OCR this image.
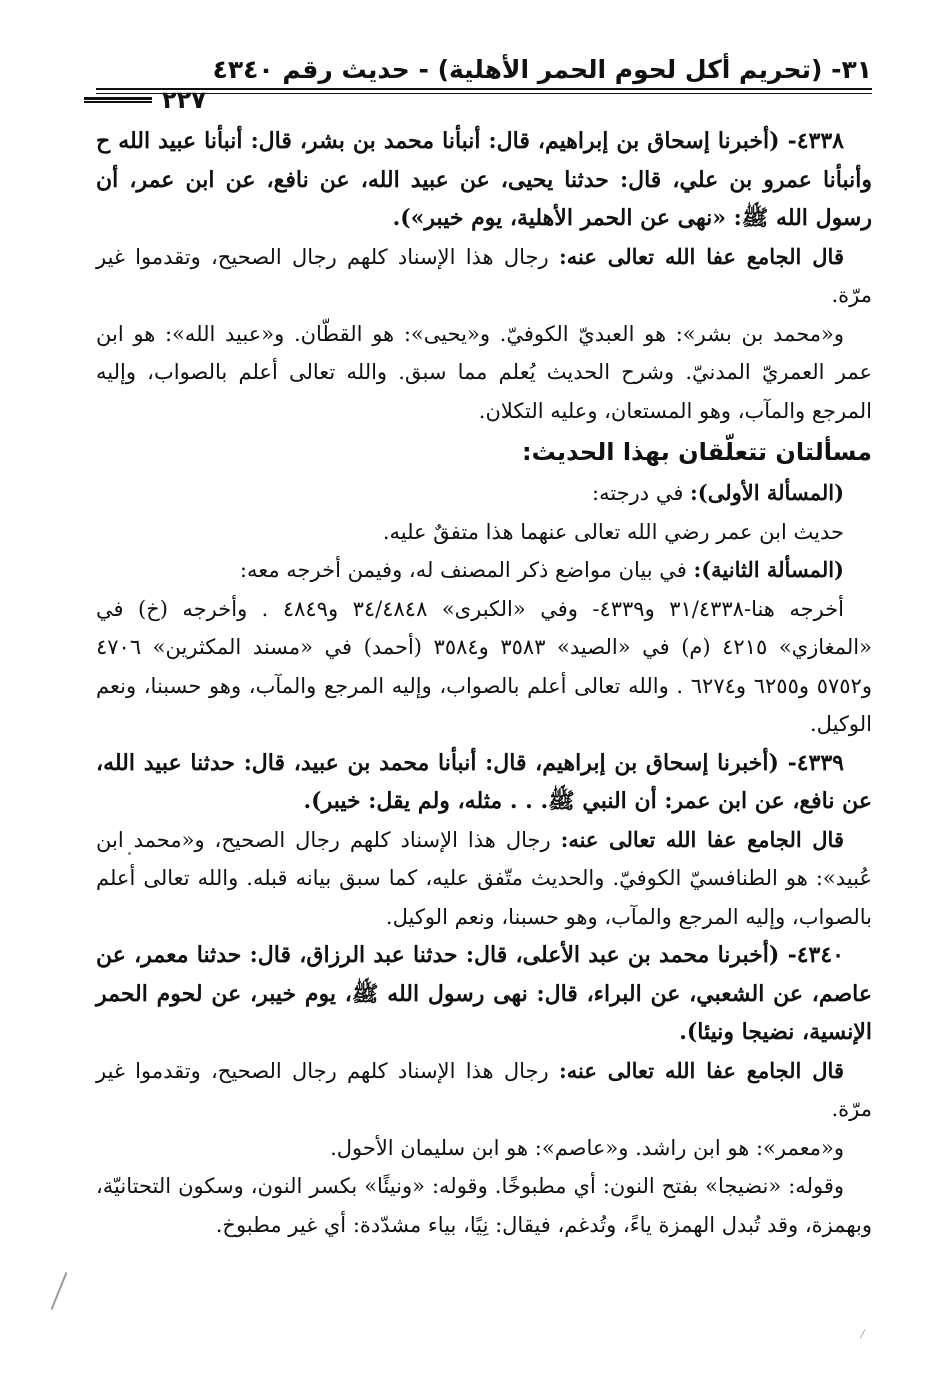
٣١- (تحريم أكل لحوم الحمر الأهلية) - حديث رقم ٤٣٤٠
٢٢٧

٤٣٣٨- (أخبرنا إسحاق بن إبراهيم، قال: أنبأنا محمد بن بشر، قال: أنبأنا عبيد الله ح وأنبأنا عمرو بن علي، قال: حدثنا يحيى، عن عبيد الله، عن نافع، عن ابن عمر، أن رسول الله ﷺ: «نهى عن الحمر الأهلية، يوم خيبر»).

قال الجامع عفا الله تعالى عنه: رجال هذا الإسناد كلهم رجال الصحيح، وتقدموا غير مرّة.

و«محمد بن بشر»: هو العبديّ الكوفيّ. و«يحيى»: هو القطّان. و«عبيد الله»: هو ابن عمر العمريّ المدنيّ. وشرح الحديث يُعلم مما سبق. والله تعالى أعلم بالصواب، وإليه المرجع والمآب، وهو المستعان، وعليه التكلان.

مسألتان تتعلّقان بهذا الحديث:

(المسألة الأولى): في درجته:

حديث ابن عمر رضي الله تعالى عنهما هذا متفقٌ عليه.

(المسألة الثانية): في بيان مواضع ذكر المصنف له، وفيمن أخرجه معه:

أخرجه هنا-٣١/٤٣٣٨ و٤٣٣٩- وفي «الكبرى» ٣٤/٤٨٤٨ و٤٨٤٩ . وأخرجه (خ) في «المغازي» ٤٢١٥ (م) في «الصيد» ٣٥٨٣ و٣٥٨٤ (أحمد) في «مسند المكثرين» ٤٧٠٦ و٥٧٥٢ و٦٢٥٥ و٦٢٧٤ . والله تعالى أعلم بالصواب، وإليه المرجع والمآب، وهو حسبنا، ونعم الوكيل.

٤٣٣٩- (أخبرنا إسحاق بن إبراهيم، قال: أنبأنا محمد بن عبيد، قال: حدثنا عبيد الله، عن نافع، عن ابن عمر: أن النبي ﷺ. . . مثله، ولم يقل: خيبر).

قال الجامع عفا الله تعالى عنه: رجال هذا الإسناد كلهم رجال الصحيح، و«محمد ابن عُبيد»: هو الطنافسيّ الكوفيّ. والحديث متّفق عليه، كما سبق بيانه قبله. والله تعالى أعلم بالصواب، وإليه المرجع والمآب، وهو حسبنا، ونعم الوكيل.

٤٣٤٠- (أخبرنا محمد بن عبد الأعلى، قال: حدثنا عبد الرزاق، قال: حدثنا معمر، عن عاصم، عن الشعبي، عن البراء، قال: نهى رسول الله ﷺ، يوم خيبر، عن لحوم الحمر الإنسية، نضيجا ونيئا).

قال الجامع عفا الله تعالى عنه: رجال هذا الإسناد كلهم رجال الصحيح، وتقدموا غير مرّة.

و«معمر»: هو ابن راشد. و«عاصم»: هو ابن سليمان الأحول.

وقوله: «نضيجا» بفتح النون: أي مطبوخًا. وقوله: «ونيئًا» بكسر النون، وسكون التحتانيّة، وبهمزة، وقد تُبدل الهمزة ياءً، وتُدغم، فيقال: نِيًا، بياء مشدّدة: أي غير مطبوخ.
